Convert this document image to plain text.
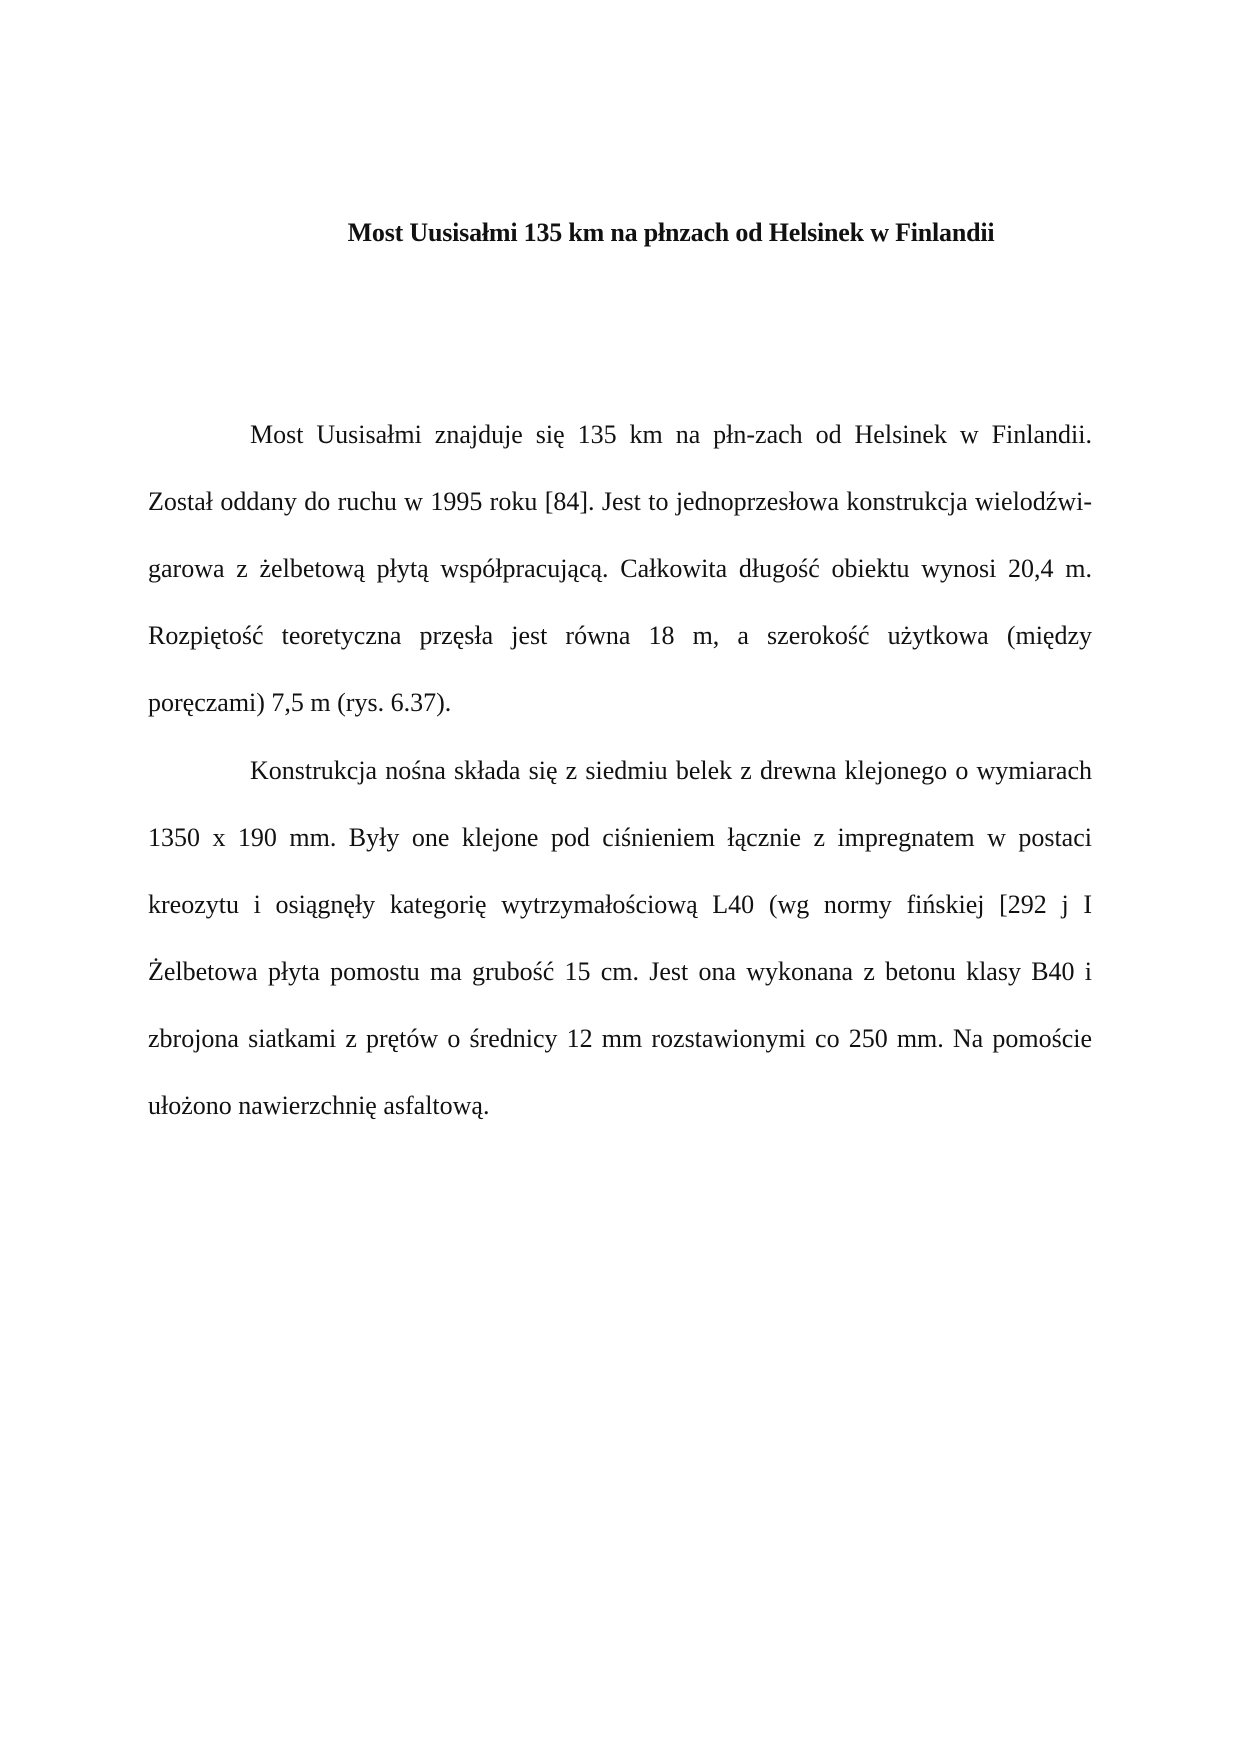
Most Uusisałmi 135 km na płnzach od Helsinek w Finlandii

Most Uusisałmi znajduje się 135 km na płn-zach od Helsinek w Finlandii. Został oddany do ruchu w 1995 roku [84]. Jest to jednoprzesłowa konstrukcja wielodźwi-garowa z żelbetową płytą współpracującą. Całkowita długość obiektu wynosi 20,4 m. Rozpiętość teoretyczna przęsła jest równa 18 m, a szerokość użytkowa (między poręczami) 7,5 m (rys. 6.37).

Konstrukcja nośna składa się z siedmiu belek z drewna klejonego o wymiarach 1350 x 190 mm. Były one klejone pod ciśnieniem łącznie z impregnatem w postaci kreozytu i osiągnęły kategorię wytrzymałościową L40 (wg normy fińskiej [292 j I Żelbetowa płyta pomostu ma grubość 15 cm. Jest ona wykonana z betonu klasy B40 i zbrojona siatkami z prętów o średnicy 12 mm rozstawionymi co 250 mm. Na pomoście ułożono nawierzchnię asfaltową.
